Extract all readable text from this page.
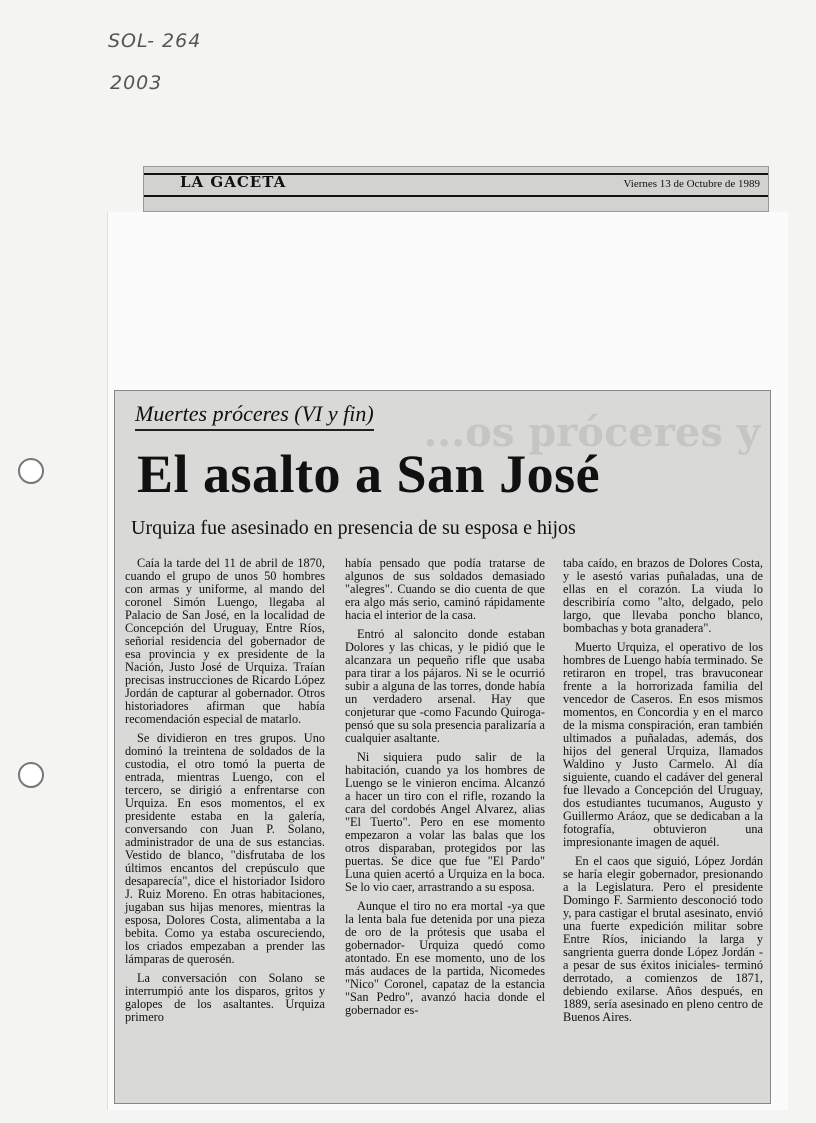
SOL- 264
2003
LA GACETA	Viernes 13 de Octubre de 1989
...os próceres y
Muertes próceres (VI y fin)
El asalto a San José
Urquiza fue asesinado en presencia de su esposa e hijos

Caía la tarde del 11 de abril de 1870, cuando el grupo de unos 50 hombres con armas y uniforme, al mando del coronel Simón Luengo, llegaba al Palacio de San José, en la localidad de Concepción del Uruguay, Entre Ríos, señorial residencia del gobernador de esa provincia y ex presidente de la Nación, Justo José de Urquiza. Traían precisas instrucciones de Ricardo López Jordán de capturar al gobernador. Otros historiadores afirman que había recomendación especial de matarlo.

Se dividieron en tres grupos. Uno dominó la treintena de soldados de la custodia, el otro tomó la puerta de entrada, mientras Luengo, con el tercero, se dirigió a enfrentarse con Urquiza. En esos momentos, el ex presidente estaba en la galería, conversando con Juan P. Solano, administrador de una de sus estancias. Vestido de blanco, "disfrutaba de los últimos encantos del crepúsculo que desaparecía", dice el historiador Isidoro J. Ruiz Moreno. En otras habitaciones, jugaban sus hijas menores, mientras la esposa, Dolores Costa, alimentaba a la bebita. Como ya estaba oscureciendo, los criados empezaban a prender las lámparas de querosén.

La conversación con Solano se interrumpió ante los disparos, gritos y galopes de los asaltantes. Urquiza primero

había pensado que podía tratarse de algunos de sus soldados demasiado "alegres". Cuando se dio cuenta de que era algo más serio, caminó rápidamente hacia el interior de la casa.

Entró al saloncito donde estaban Dolores y las chicas, y le pidió que le alcanzara un pequeño rifle que usaba para tirar a los pájaros. Ni se le ocurrió subir a alguna de las torres, donde había un verdadero arsenal. Hay que conjeturar que -como Facundo Quiroga- pensó que su sola presencia paralizaría a cualquier asaltante.

Ni siquiera pudo salir de la habitación, cuando ya los hombres de Luengo se le vinieron encima. Alcanzó a hacer un tiro con el rifle, rozando la cara del cordobés Angel Alvarez, alias "El Tuerto". Pero en ese momento empezaron a volar las balas que los otros disparaban, protegidos por las puertas. Se dice que fue "El Pardo" Luna quien acertó a Urquiza en la boca. Se lo vio caer, arrastrando a su esposa.

Aunque el tiro no era mortal -ya que la lenta bala fue detenida por una pieza de oro de la prótesis que usaba el gobernador- Urquiza quedó como atontado. En ese momento, uno de los más audaces de la partida, Nicomedes "Nico" Coronel, capataz de la estancia "San Pedro", avanzó hacia donde el gobernador es-

taba caído, en brazos de Dolores Costa, y le asestó varias puñaladas, una de ellas en el corazón. La viuda lo describiría como "alto, delgado, pelo largo, que llevaba poncho blanco, bombachas y bota granadera".

Muerto Urquiza, el operativo de los hombres de Luengo había terminado. Se retiraron en tropel, tras bravuconear frente a la horrorizada familia del vencedor de Caseros. En esos mismos momentos, en Concordia y en el marco de la misma conspiración, eran también ultimados a puñaladas, además, dos hijos del general Urquiza, llamados Waldino y Justo Carmelo. Al día siguiente, cuando el cadáver del general fue llevado a Concepción del Uruguay, dos estudiantes tucumanos, Augusto y Guillermo Aráoz, que se dedicaban a la fotografía, obtuvieron una impresionante imagen de aquél.

En el caos que siguió, López Jordán se haría elegir gobernador, presionando a la Legislatura. Pero el presidente Domingo F. Sarmiento desconoció todo y, para castigar el brutal asesinato, envió una fuerte expedición militar sobre Entre Ríos, iniciando la larga y sangrienta guerra donde López Jordán -a pesar de sus éxitos iniciales- terminó derrotado, a comienzos de 1871, debiendo exilarse. Años después, en 1889, sería asesinado en pleno centro de Buenos Aires.
